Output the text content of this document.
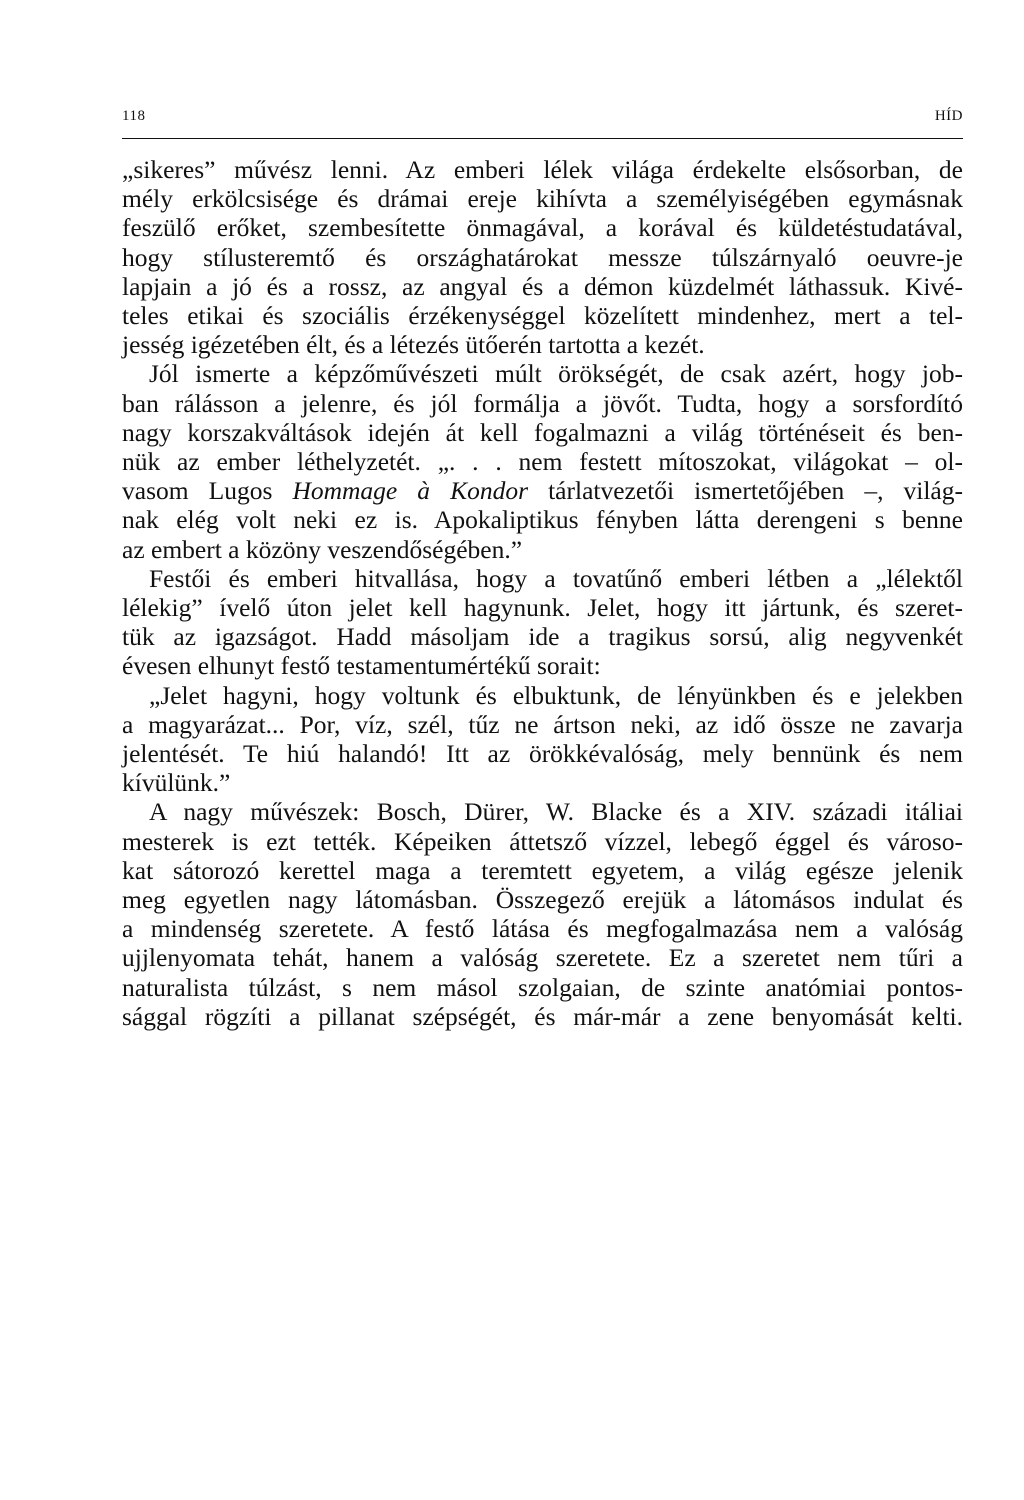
118	HÍD
„sikeres” művész lenni. Az emberi lélek világa érdekelte elsősorban, de
mély erkölcsisége és drámai ereje kihívta a személyiségében egymásnak
feszülő erőket, szembesítette önmagával, a korával és küldetéstudatával,
hogy stílusteremtő és országhatárokat messze túlszárnyaló oeuvre-je
lapjain a jó és a rossz, az angyal és a démon küzdelmét láthassuk. Kivé-
teles etikai és szociális érzékenységgel közelített mindenhez, mert a tel-
jesség igézetében élt, és a létezés ütőerén tartotta a kezét.
Jól ismerte a képzőművészeti múlt örökségét, de csak azért, hogy job-
ban rálásson a jelenre, és jól formálja a jövőt. Tudta, hogy a sorsfordító
nagy korszakváltások idején át kell fogalmazni a világ történéseit és ben-
nük az ember léthelyzetét. „. . . nem festett mítoszokat, világokat – ol-
vasom Lugos Hommage à Kondor tárlatvezetői ismertetőjében –, világ-
nak elég volt neki ez is. Apokaliptikus fényben látta derengeni s benne
az embert a közöny veszendőségében.”
Festői és emberi hitvallása, hogy a tovatűnő emberi létben a „lélektől
lélekig” ívelő úton jelet kell hagynunk. Jelet, hogy itt jártunk, és szeret-
tük az igazságot. Hadd másoljam ide a tragikus sorsú, alig negyvenkét
évesen elhunyt festő testamentumértékű sorait:
„Jelet hagyni, hogy voltunk és elbuktunk, de lényünkben és e jelekben
a magyarázat... Por, víz, szél, tűz ne ártson neki, az idő össze ne zavarja
jelentését. Te hiú halandó! Itt az örökkévalóság, mely bennünk és nem
kívülünk.”
A nagy művészek: Bosch, Dürer, W. Blacke és a XIV. századi itáliai
mesterek is ezt tették. Képeiken áttetsző vízzel, lebegő éggel és városo-
kat sátorozó kerettel maga a teremtett egyetem, a világ egésze jelenik
meg egyetlen nagy látomásban. Összegező erejük a látomásos indulat és
a mindenség szeretete. A festő látása és megfogalmazása nem a valóság
ujjlenyomata tehát, hanem a valóság szeretete. Ez a szeretet nem tűri a
naturalista túlzást, s nem másol szolgaian, de szinte anatómiai pontos-
sággal rögzíti a pillanat szépségét, és már-már a zene benyomását kelti.
